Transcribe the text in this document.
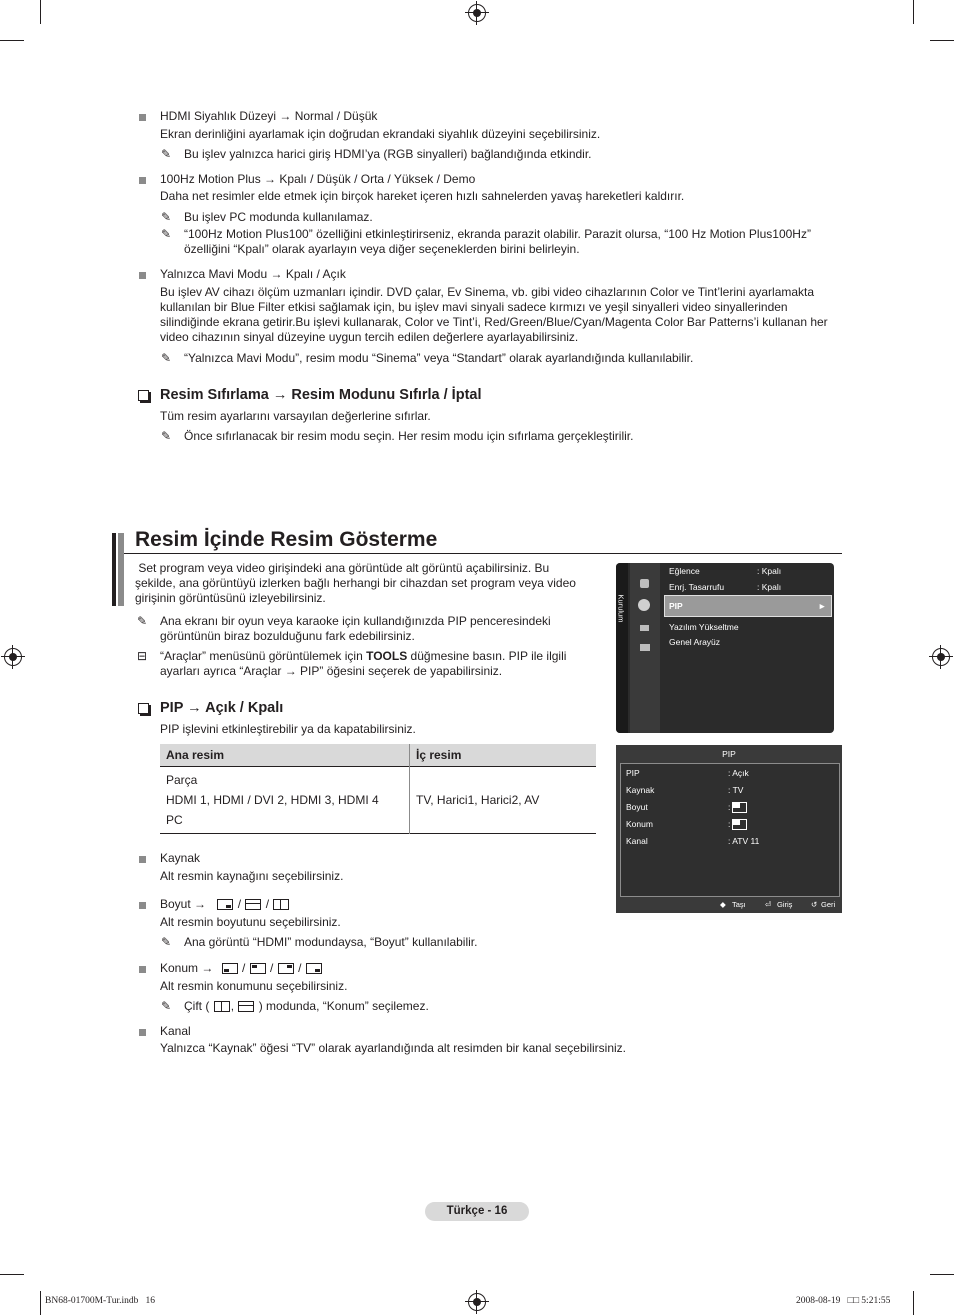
HDMI Siyahlık Düzeyi → Normal / Düşük
Ekran derinliğini ayarlamak için doğrudan ekrandaki siyahlık düzeyini seçebilirsiniz.
✎ Bu işlev yalnızca harici giriş HDMI’ya (RGB sinyalleri) bağlandığında etkindir.
100Hz Motion Plus → Kpalı / Düşük / Orta / Yüksek / Demo
Daha net resimler elde etmek için birçok hareket içeren hızlı sahnelerden yavaş hareketleri kaldırır.
✎ Bu işlev PC modunda kullanılamaz.
✎ “100Hz Motion Plus100” özelliğini etkinleştirirseniz, ekranda parazit olabilir. Parazit olursa, “100 Hz Motion Plus100Hz”
özelliğini “Kpalı” olarak ayarlayın veya diğer seçeneklerden birini belirleyin.
Yalnızca Mavi Modu → Kpalı / Açık
Bu işlev AV cihazı ölçüm uzmanları içindir. DVD çalar, Ev Sinema, vb. gibi video cihazlarının Color ve Tint’lerini ayarlamakta
kullanılan bir Blue Filter etkisi sağlamak için, bu işlev mavi sinyali sadece kırmızı ve yeşil sinyalleri video sinyallerinden
silindiğinde ekrana getirir.Bu işlevi kullanarak, Color ve Tint’i, Red/Green/Blue/Cyan/Magenta Color Bar Patterns’i kullanan her
video cihazının sinyal düzeyine uygun tercih edilen değerlere ayarlayabilirsiniz.
✎ “Yalnızca Mavi Modu”, resim modu “Sinema” veya “Standart” olarak ayarlandığında kullanılabilir.
Resim Sıfırlama → Resim Modunu Sıfırla / İptal
Tüm resim ayarlarını varsayılan değerlerine sıfırlar.
✎ Önce sıfırlanacak bir resim modu seçin. Her resim modu için sıfırlama gerçekleştirilir.
Resim İçinde Resim Gösterme
Set program veya video girişindeki ana görüntüde alt görüntü açabilirsiniz. Bu
şekilde, ana görüntüyü izlerken bağlı herhangi bir cihazdan set program veya video
girişinin görüntüsünü izleyebilirsiniz.
✎ Ana ekranı bir oyun veya karaoke için kullandığınızda PIP penceresindeki
görüntünün biraz bozulduğunu fark edebilirsiniz.
⊟ “Araçlar” menüsünü görüntülemek için TOOLS düğmesine basın. PIP ile ilgili
ayarları ayrıca “Araçlar → PIP” öğesini seçerek de yapabilirsiniz.
PIP → Açık / Kpalı
PIP işlevini etkinleştirebilir ya da kapatabilirsiniz.
Ana resim	İç resim

Parça
HDMI 1, HDMI / DVI 2, HDMI 3, HDMI 4
PC	TV, Harici1, Harici2, AV
Kaynak
Alt resmin kaynağını seçebilirsiniz.
Boyut →
/
/
Alt resmin boyutunu seçebilirsiniz.
✎ Ana görüntü “HDMI” modundaysa, “Boyut” kullanılabilir.
Konum →
/
/
/
Alt resmin konumunu seçebilirsiniz.
✎ Çift ( ,
) modunda, “Konum” seçilemez.
Kanal
Yalnızca “Kaynak” öğesi “TV” olarak ayarlandığında alt resimden bir kanal seçebilirsiniz.
Kurulum
Eğlence	: Kpalı
Enrj. Tasarrufu	: Kpalı
PIP	►
Yazılım Yükseltme
Genel Arayüz
PIP
PIP	: Açık
Kaynak	: TV
Boyut	:
Konum	:
Kanal	: ATV 11
◆ Taşı	⏎ Giriş ↺ Geri
Türkçe - 16
BN68-01700M-Tur.indb   16	2008-08-19   □□ 5:21:55
